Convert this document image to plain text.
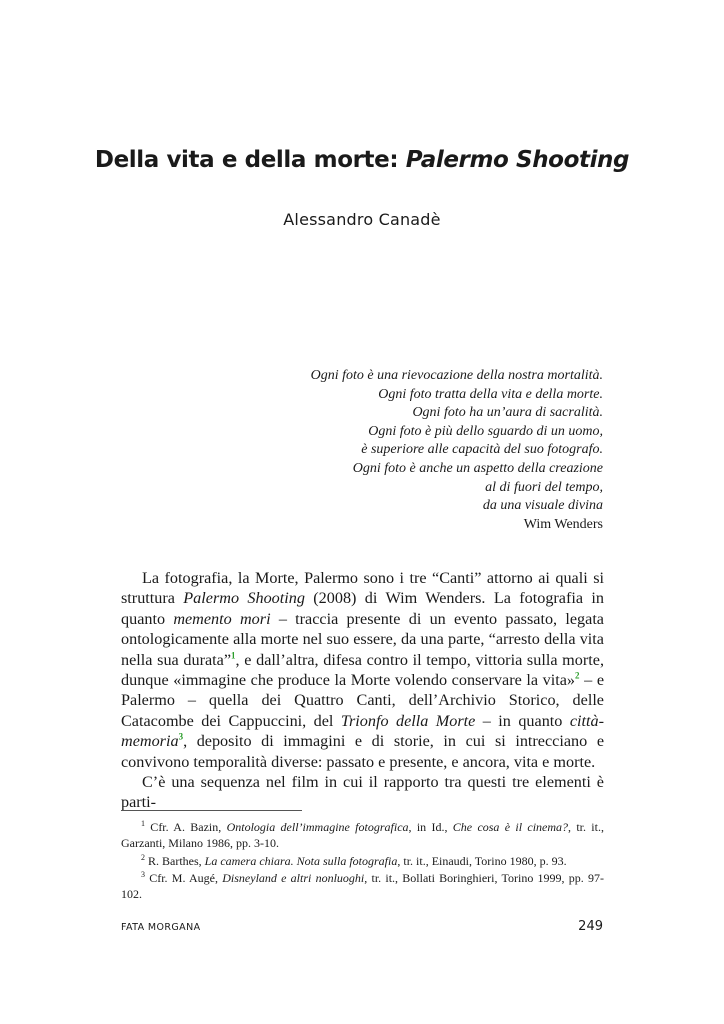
Della vita e della morte: Palermo Shooting

Alessandro Canadè

Ogni foto è una rievocazione della nostra mortalità.
Ogni foto tratta della vita e della morte.
Ogni foto ha un’aura di sacralità.
Ogni foto è più dello sguardo di un uomo,
è superiore alle capacità del suo fotografo.
Ogni foto è anche un aspetto della creazione
al di fuori del tempo,
da una visuale divina
Wim Wenders

La fotografia, la Morte, Palermo sono i tre “Canti” attorno ai quali si struttura Palermo Shooting (2008) di Wim Wenders. La fotografia in quanto memento mori – traccia presente di un evento passato, legata ontologicamente alla morte nel suo essere, da una parte, “arresto della vita nella sua durata”$^1$, e dall’altra, difesa contro il tempo, vittoria sulla morte, dunque «immagine che produce la Morte volendo conservare la vita»$^2$ – e Palermo – quella dei Quattro Canti, dell’Archivio Storico, delle Catacombe dei Cappuccini, del Trionfo della Morte – in quanto città-memoria$^3$, deposito di immagini e di storie, in cui si intrecciano e convivono temporalità diverse: passato e presente, e ancora, vita e morte.

C’è una sequenza nel film in cui il rapporto tra questi tre elementi è parti-

$^1$ Cfr. A. Bazin, Ontologia dell’immagine fotografica, in Id., Che cosa è il cinema?, tr. it., Garzanti, Milano 1986, pp. 3-10.

$^2$ R. Barthes, La camera chiara. Nota sulla fotografia, tr. it., Einaudi, Torino 1980, p. 93.

$^3$ Cfr. M. Augé, Disneyland e altri nonluoghi, tr. it., Bollati Boringhieri, Torino 1999, pp. 97-102.

FATA MORGANA	249
